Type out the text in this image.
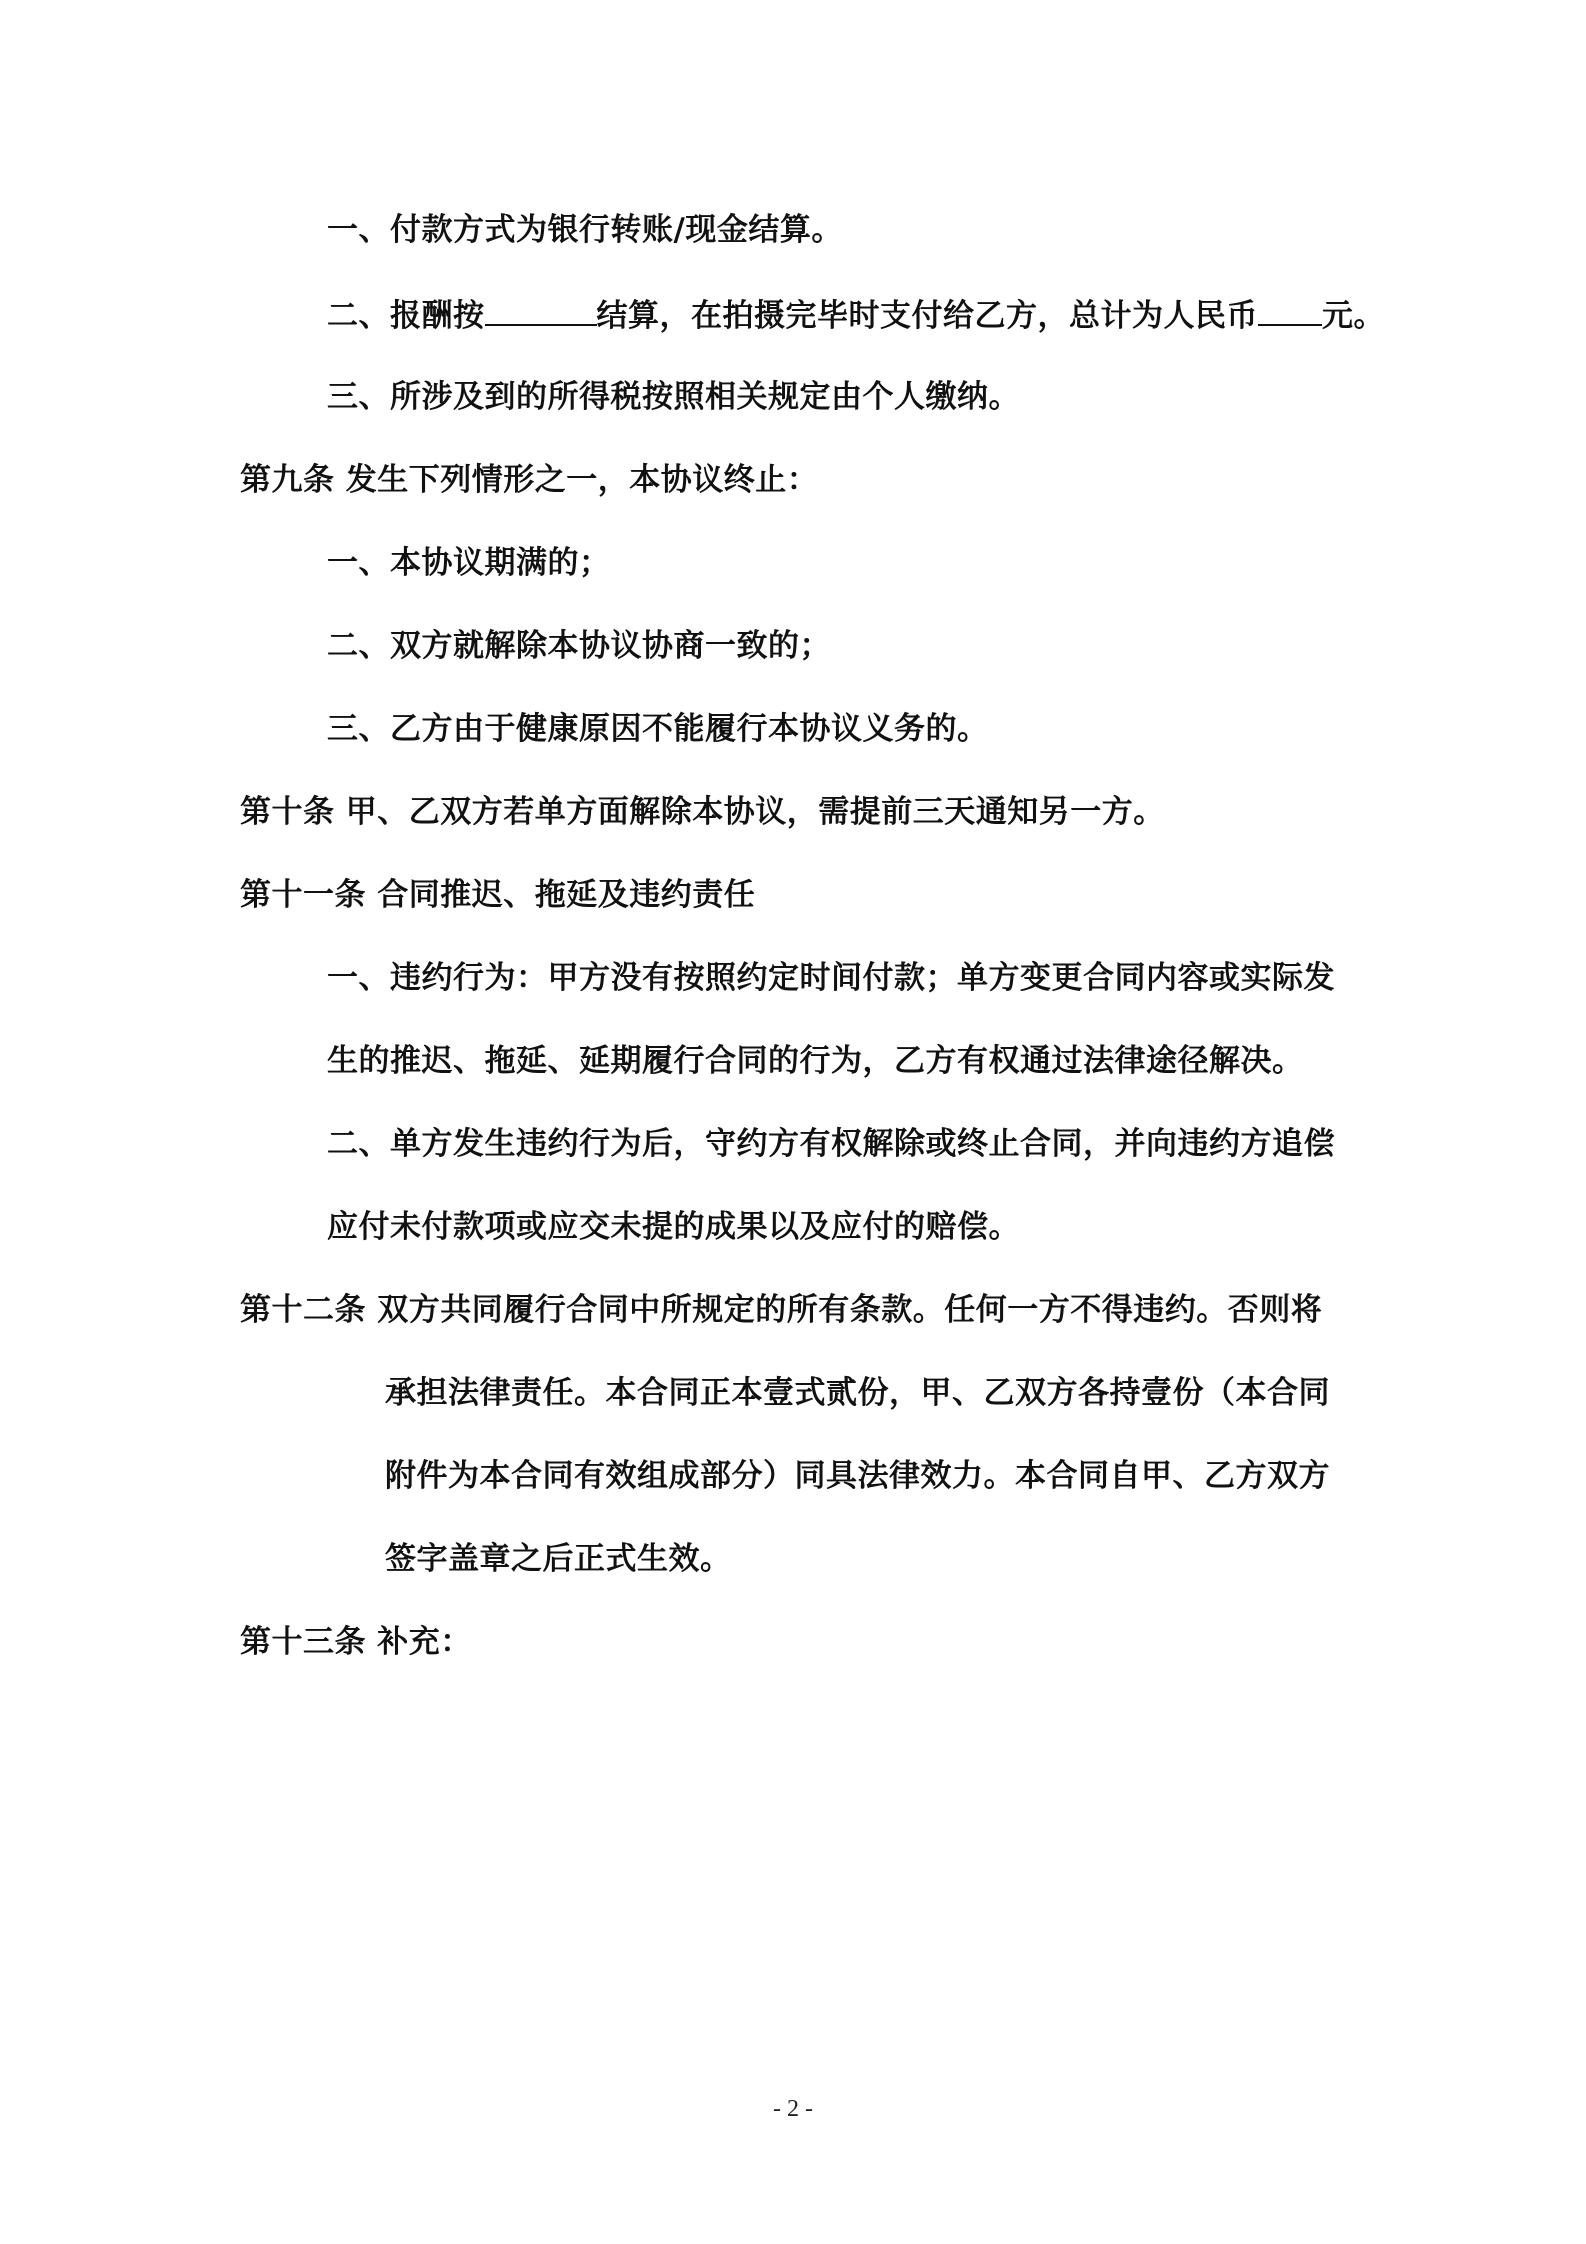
一、付款方式为银行转账/现金结算。
二、报酬按	结算，在拍摄完毕时支付给乙方，总计为人民币 元。
三、所涉及到的所得税按照相关规定由个人缴纳。
第九条 发生下列情形之一，本协议终止：
一、本协议期满的；
二、双方就解除本协议协商一致的；
三、乙方由于健康原因不能履行本协议义务的。
第十条 甲、乙双方若单方面解除本协议，需提前三天通知另一方。
第十一条 合同推迟、拖延及违约责任
一、违约行为：甲方没有按照约定时间付款；单方变更合同内容或实际发
生的推迟、拖延、延期履行合同的行为，乙方有权通过法律途径解决。
二、单方发生违约行为后，守约方有权解除或终止合同，并向违约方追偿
应付未付款项或应交未提的成果以及应付的赔偿。
第十二条 双方共同履行合同中所规定的所有条款。任何一方不得违约。否则将
承担法律责任。本合同正本壹式贰份，甲、乙双方各持壹份（本合同
附件为本合同有效组成部分）同具法律效力。本合同自甲、乙方双方
签字盖章之后正式生效。
第十三条 补充：
- 2 -
